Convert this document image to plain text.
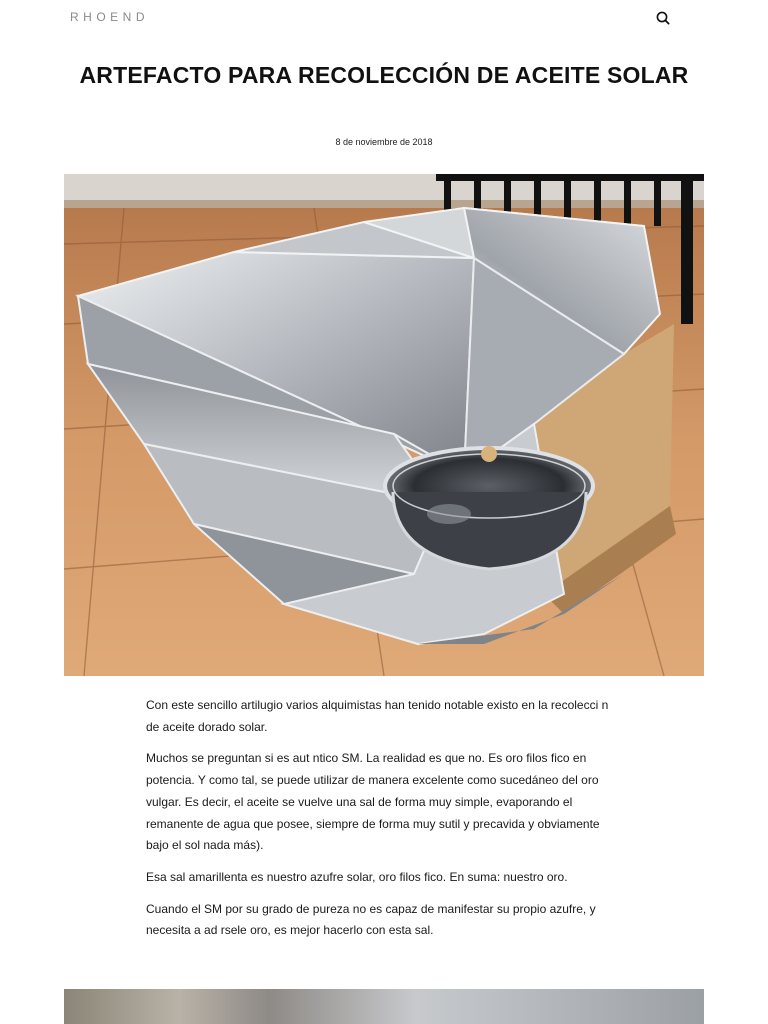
RHOEND
ARTEFACTO PARA RECOLECCIÓN DE ACEITE SOLAR
8 de noviembre de 2018

Con este sencillo artilugio varios alquimistas han tenido notable existo en la recolecci n de aceite dorado solar.

Muchos se preguntan si es aut ntico SM. La realidad es que no. Es oro filos fico en potencia. Y como tal, se puede utilizar de manera excelente como sucedáneo del oro vulgar. Es decir, el aceite se vuelve una sal de forma muy simple, evaporando el remanente de agua que posee, siempre de forma muy sutil y precavida y obviamente bajo el sol nada más).

Esa sal amarillenta es nuestro azufre solar, oro filos fico. En suma: nuestro oro.

Cuando el SM por su grado de pureza no es capaz de manifestar su propio azufre, y necesita a ad rsele oro, es mejor hacerlo con esta sal.
